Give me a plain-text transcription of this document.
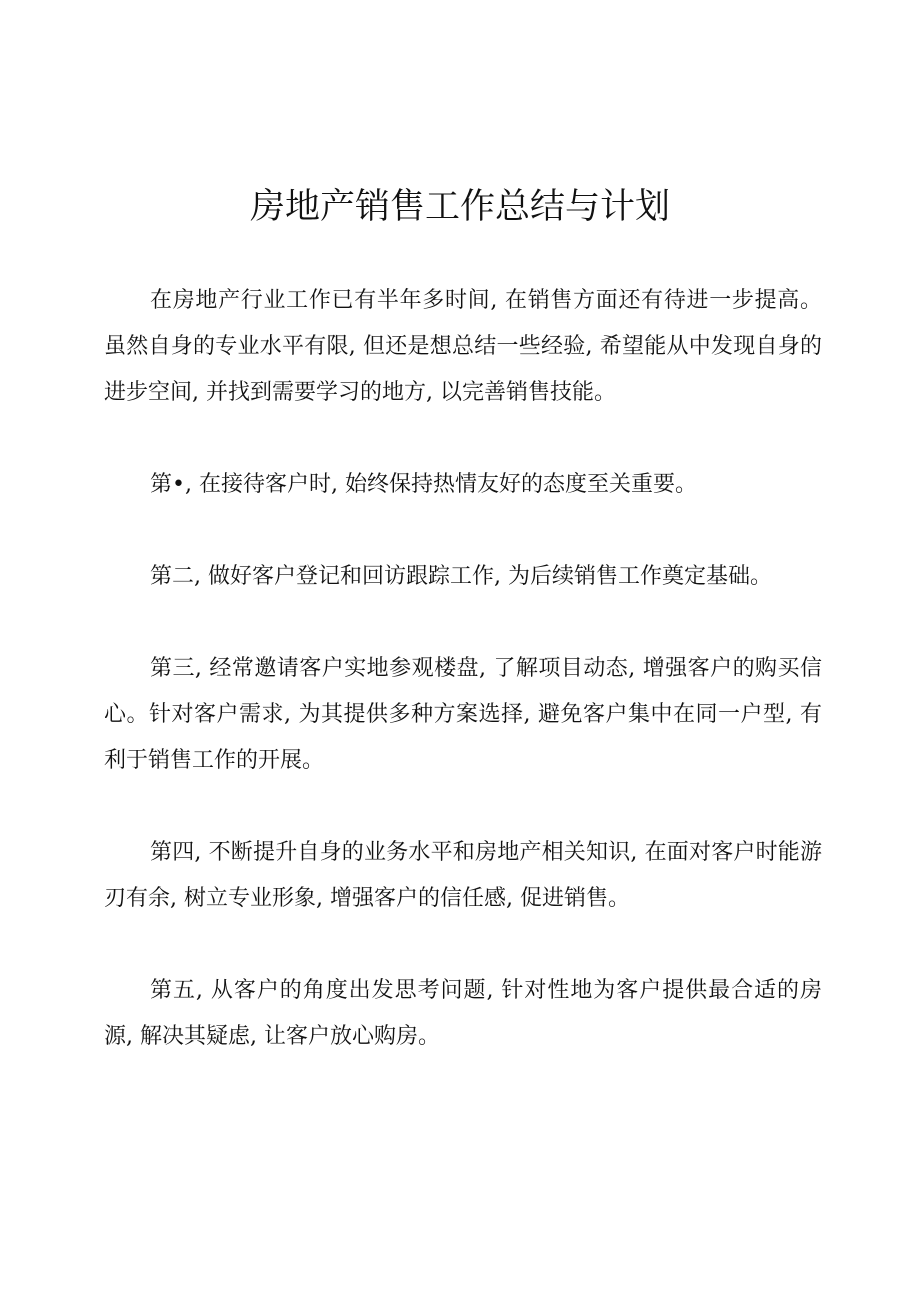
房地产销售工作总结与计划

在房地产行业工作已有半年多时间, 在销售方面还有待进一步提高。虽然自身的专业水平有限, 但还是想总结一些经验, 希望能从中发现自身的进步空间, 并找到需要学习的地方, 以完善销售技能。

第•, 在接待客户时, 始终保持热情友好的态度至关重要。

第二, 做好客户登记和回访跟踪工作, 为后续销售工作奠定基础。

第三, 经常邀请客户实地参观楼盘, 了解项目动态, 增强客户的购买信心。针对客户需求, 为其提供多种方案选择, 避免客户集中在同一户型, 有利于销售工作的开展。

第四, 不断提升自身的业务水平和房地产相关知识, 在面对客户时能游刃有余, 树立专业形象, 增强客户的信任感, 促进销售。

第五, 从客户的角度出发思考问题, 针对性地为客户提供最合适的房源, 解决其疑虑, 让客户放心购房。
